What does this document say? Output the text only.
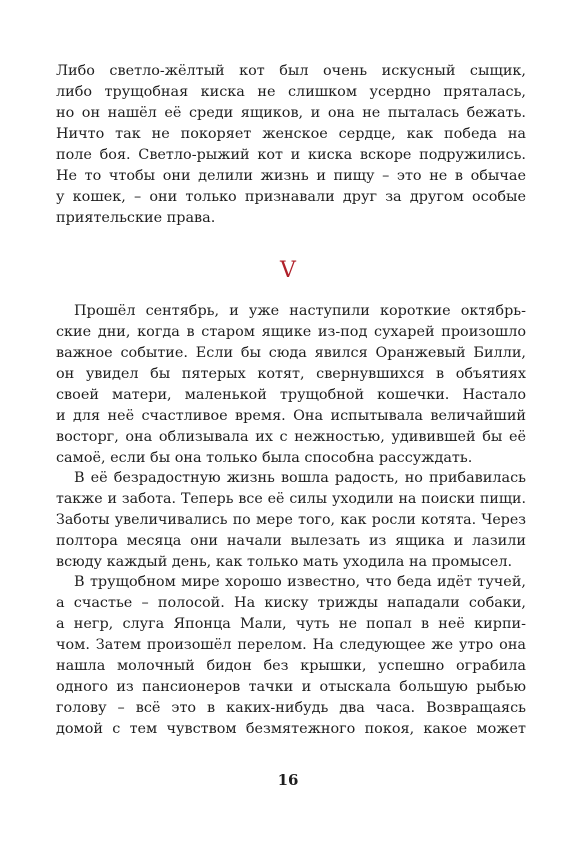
Либо светло-жёлтый кот был очень искусный сыщик,
либо трущобная киска не слишком усердно пряталась,
но он нашёл её среди ящиков, и она не пыталась бежать.
Ничто так не покоряет женское сердце, как победа на
поле боя. Светло-рыжий кот и киска вскоре подружились.
Не то чтобы они делили жизнь и пищу – это не в обычае
у кошек, – они только признавали друг за другом особые
приятельские права.
V
Прошёл сентябрь, и уже наступили короткие октябрь-
ские дни, когда в старом ящике из-под сухарей произошло
важное событие. Если бы сюда явился Оранжевый Билли,
он увидел бы пятерых котят, свернувшихся в объятиях
своей матери, маленькой трущобной кошечки. Настало
и для неё счастливое время. Она испытывала величайший
восторг, она облизывала их с нежностью, удивившей бы её
самоё, если бы она только была способна рассуждать.
В её безрадостную жизнь вошла радость, но прибавилась
также и забота. Теперь все её силы уходили на поиски пищи.
Заботы увеличивались по мере того, как росли котята. Через
полтора месяца они начали вылезать из ящика и лазили
всюду каждый день, как только мать уходила на промысел.
В трущобном мире хорошо известно, что беда идёт тучей,
а счастье – полосой. На киску трижды нападали собаки,
а негр, слуга Японца Мали, чуть не попал в неё кирпи-
чом. Затем произошёл перелом. На следующее же утро она
нашла молочный бидон без крышки, успешно ограбила
одного из пансионеров тачки и отыскала большую рыбью
голову – всё это в каких-нибудь два часа. Возвращаясь
домой с тем чувством безмятежного покоя, какое может
16
